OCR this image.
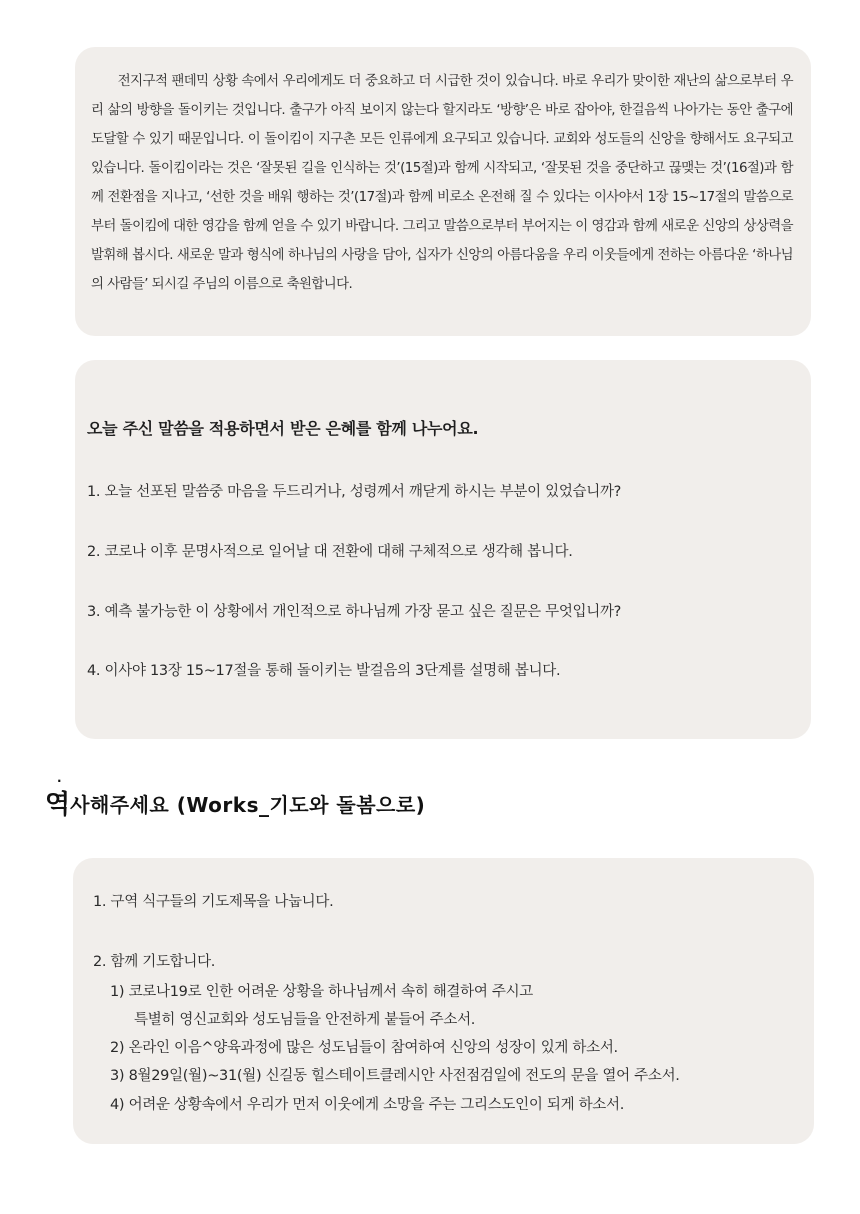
전지구적 팬데믹 상황 속에서 우리에게도 더 중요하고 더 시급한 것이 있습니다. 바로 우리가 맞이한 재난의 삶으로부터 우리 삶의 방향을 돌이키는 것입니다. 출구가 아직 보이지 않는다 할지라도 ‘방향’은 바로 잡아야, 한걸음씩 나아가는 동안 출구에 도달할 수 있기 때문입니다. 이 돌이킴이 지구촌 모든 인류에게 요구되고 있습니다. 교회와 성도들의 신앙을 향해서도 요구되고 있습니다. 돌이킴이라는 것은 ‘잘못된 길을 인식하는 것’(15절)과 함께 시작되고, ‘잘못된 것을 중단하고 끊맺는 것’(16절)과 함께 전환점을 지나고, ‘선한 것을 배워 행하는 것’(17절)과 함께 비로소 온전해 질 수 있다는 이사야서 1장 15~17절의 말씀으로부터 돌이킴에 대한 영감을 함께 얻을 수 있기 바랍니다. 그리고 말씀으로부터 부어지는 이 영감과 함께 새로운 신앙의 상상력을 발휘해 봅시다. 새로운 말과 형식에 하나님의 사랑을 담아, 십자가 신앙의 아름다움을 우리 이웃들에게 전하는 아름다운 ‘하나님의 사람들’ 되시길 주님의 이름으로 축원합니다.

오늘 주신 말씀을 적용하면서 받은 은혜를 함께 나누어요.

1. 오늘 선포된 말씀중 마음을 두드리거나, 성령께서 깨닫게 하시는 부분이 있었습니까?

2. 코로나 이후 문명사적으로 일어날 대 전환에 대해 구체적으로 생각해 봅니다.

3. 예측 불가능한 이 상황에서 개인적으로 하나님께 가장 묻고 싶은 질문은 무엇입니까?

4. 이사야 13장 15~17절을 통해 돌이키는 발걸음의 3단계를 설명해 봅니다.

역
·
사해주세요 (Works_기도와 돌봄으로)

1. 구역 식구들의 기도제목을 나눕니다.

2. 함께 기도합니다.

1) 코로나19로 인한 어려운 상황을 하나님께서 속히 해결하여 주시고

특별히 영신교회와 성도님들을 안전하게 붙들어 주소서.

2) 온라인 이음^양육과정에 많은 성도님들이 참여하여 신앙의 성장이 있게 하소서.

3) 8월29일(월)~31(월) 신길동 힐스테이트클레시안 사전점검일에 전도의 문을 열어 주소서.

4) 어려운 상황속에서 우리가 먼저 이웃에게 소망을 주는 그리스도인이 되게 하소서.
